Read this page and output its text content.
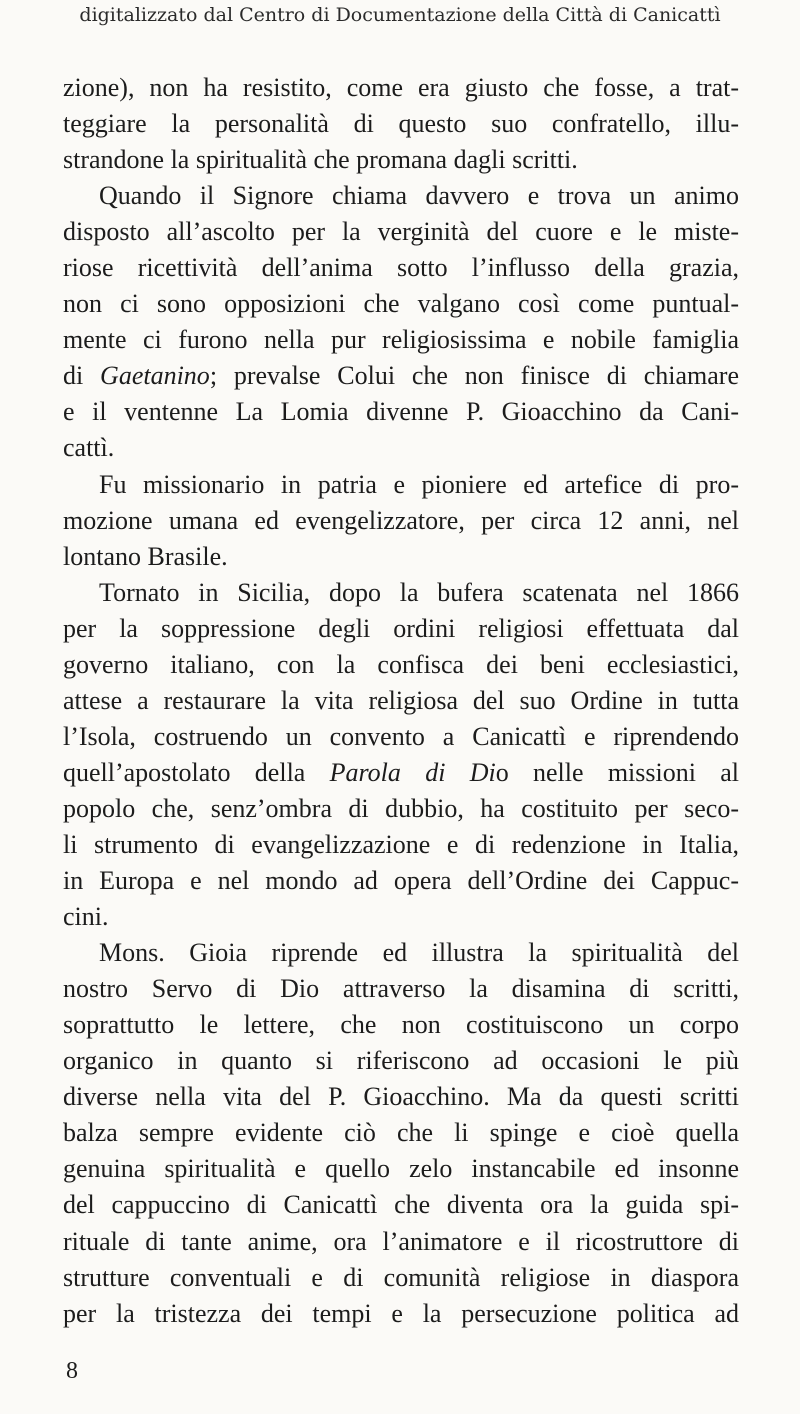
digitalizzato dal Centro di Documentazione della Città di Canicattì
zione), non ha resistito, come era giusto che fosse, a trat-
teggiare la personalità di questo suo confratello, illu-
strandone la spiritualità che promana dagli scritti.
Quando il Signore chiama davvero e trova un animo
disposto all’ascolto per la verginità del cuore e le miste-
riose ricettività dell’anima sotto l’influsso della grazia,
non ci sono opposizioni che valgano così come puntual-
mente ci furono nella pur religiosissima e nobile famiglia
di Gaetanino; prevalse Colui che non finisce di chiamare
e il ventenne La Lomia divenne P. Gioacchino da Cani-
cattì.
Fu missionario in patria e pioniere ed artefice di pro-
mozione umana ed evengelizzatore, per circa 12 anni, nel
lontano Brasile.
Tornato in Sicilia, dopo la bufera scatenata nel 1866
per la soppressione degli ordini religiosi effettuata dal
governo italiano, con la confisca dei beni ecclesiastici,
attese a restaurare la vita religiosa del suo Ordine in tutta
l’Isola, costruendo un convento a Canicattì e riprendendo
quell’apostolato della Parola di Dio nelle missioni al
popolo che, senz’ombra di dubbio, ha costituito per seco-
li strumento di evangelizzazione e di redenzione in Italia,
in Europa e nel mondo ad opera dell’Ordine dei Cappuc-
cini.
Mons. Gioia riprende ed illustra la spiritualità del
nostro Servo di Dio attraverso la disamina di scritti,
soprattutto le lettere, che non costituiscono un corpo
organico in quanto si riferiscono ad occasioni le più
diverse nella vita del P. Gioacchino. Ma da questi scritti
balza sempre evidente ciò che li spinge e cioè quella
genuina spiritualità e quello zelo instancabile ed insonne
del cappuccino di Canicattì che diventa ora la guida spi-
rituale di tante anime, ora l’animatore e il ricostruttore di
strutture conventuali e di comunità religiose in diaspora
per la tristezza dei tempi e la persecuzione politica ad
8
